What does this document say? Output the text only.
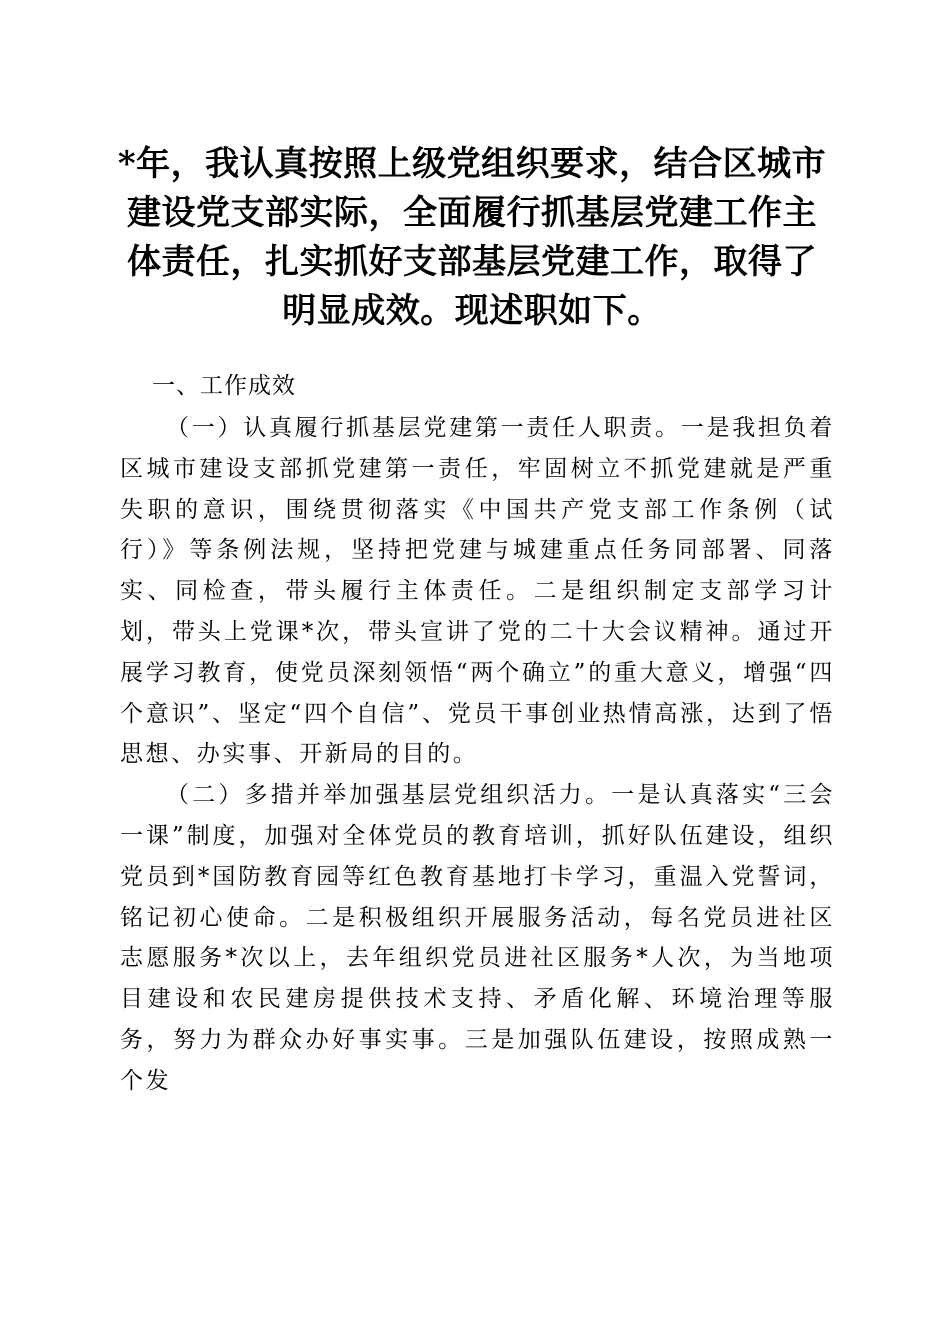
*年，我认真按照上级党组织要求，结合区城市建设党支部实际，全面履行抓基层党建工作主体责任，扎实抓好支部基层党建工作，取得了明显成效。现述职如下。

一、工作成效

（一）认真履行抓基层党建第一责任人职责。一是我担负着区城市建设支部抓党建第一责任，牢固树立不抓党建就是严重失职的意识，围绕贯彻落实《中国共产党支部工作条例（试行）》等条例法规，坚持把党建与城建重点任务同部署、同落实、同检查，带头履行主体责任。二是组织制定支部学习计划，带头上党课*次，带头宣讲了党的二十大会议精神。通过开展学习教育，使党员深刻领悟“两个确立”的重大意义，增强“四个意识”、坚定“四个自信”、党员干事创业热情高涨，达到了悟思想、办实事、开新局的目的。

（二）多措并举加强基层党组织活力。一是认真落实“三会一课”制度，加强对全体党员的教育培训，抓好队伍建设，组织党员到*国防教育园等红色教育基地打卡学习，重温入党誓词，铭记初心使命。二是积极组织开展服务活动，每名党员进社区志愿服务*次以上，去年组织党员进社区服务*人次，为当地项目建设和农民建房提供技术支持、矛盾化解、环境治理等服务，努力为群众办好事实事。三是加强队伍建设，按照成熟一个发
